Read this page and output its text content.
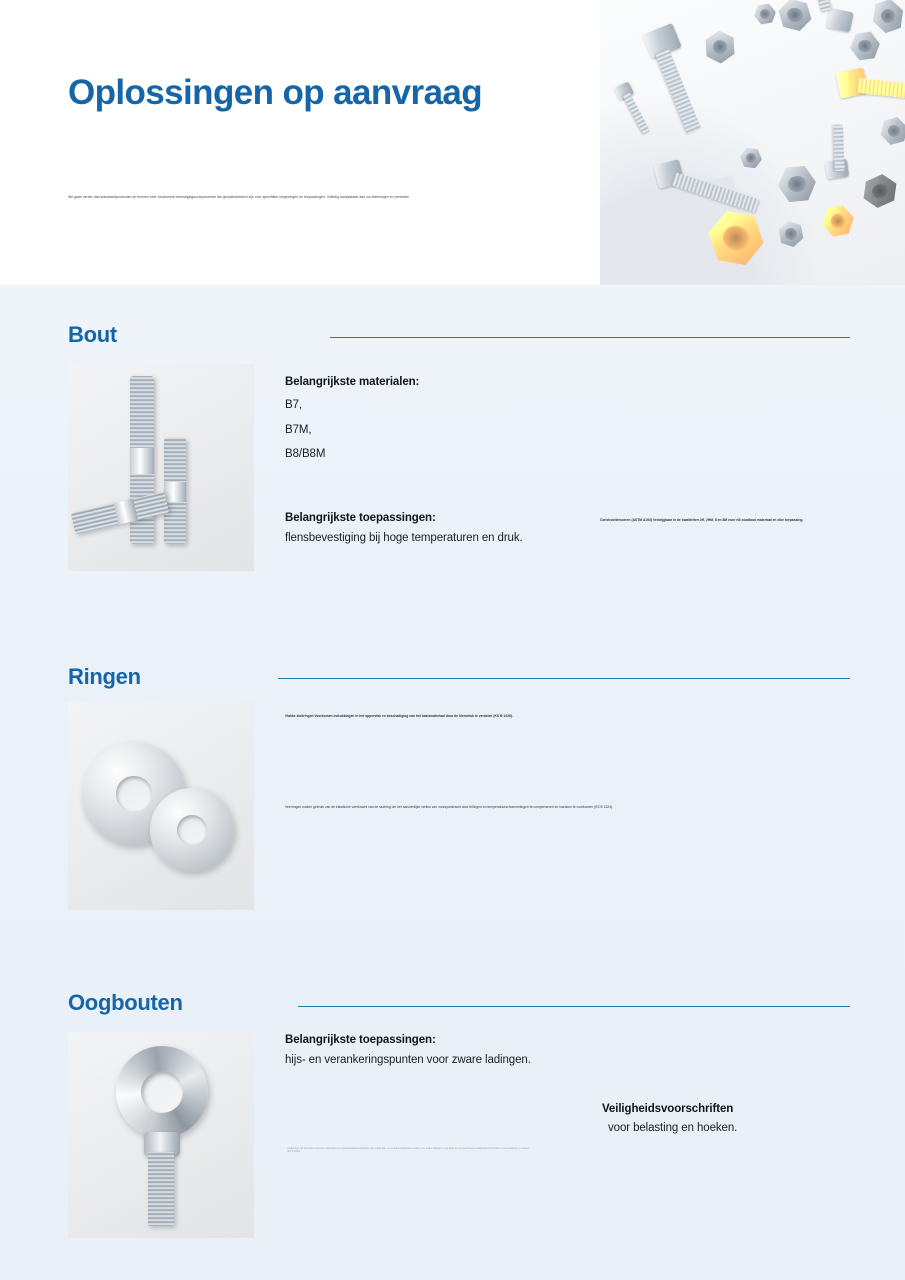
Oplossingen op aanvraag

We gaan verder dan standaardproducten en leveren zeer functionele bevestigingscomponenten die geoptimaliseerd zijn voor specifieke omgevingen en toepassingen. Volledig aanpasbaar aan uw tekeningen en vereisten.

Bout
Belangrijkste materialen:
B7,
B7M,
B8/B8M
Belangrijkste toepassingen:
flensbevestiging bij hoge temperaturen en druk.
Constructiemoeren (ASTM A194) Verkrijgbaar in de kwaliteiten 2H, 2HM, 8 en 8M voor elk studbout materiaal en elke toepassing.
Ringen
Vlakke sluitringen Voorkomen indrukkingen in het oppervlak en beschadiging van het basismateriaal door de klemdruk te verdelen (KS B 1326).
Veerringen maken gebruik van de elastische veerkracht van de sluitring om het aanzienlijke verlies van voorspankracht door trillingen en temperatuurschommelingen te compenseren en losraken te voorkomen (KS B 1324).
Oogbouten
Belangrijkste toepassingen:
hijs- en verankeringspunten voor zware ladingen.
Veiligheidsvoorschriften
voor belasting en hoeken.
Oogbouten zijn specifiek ontworpen hijsringen en verankeringsbevestigingen die veilige hijs- en verankeringspunten bieden voor zware ladingen; volg altijd de voorgeschreven veiligheidsvoorschriften voor belasting en hoeken (KS B 1024).
